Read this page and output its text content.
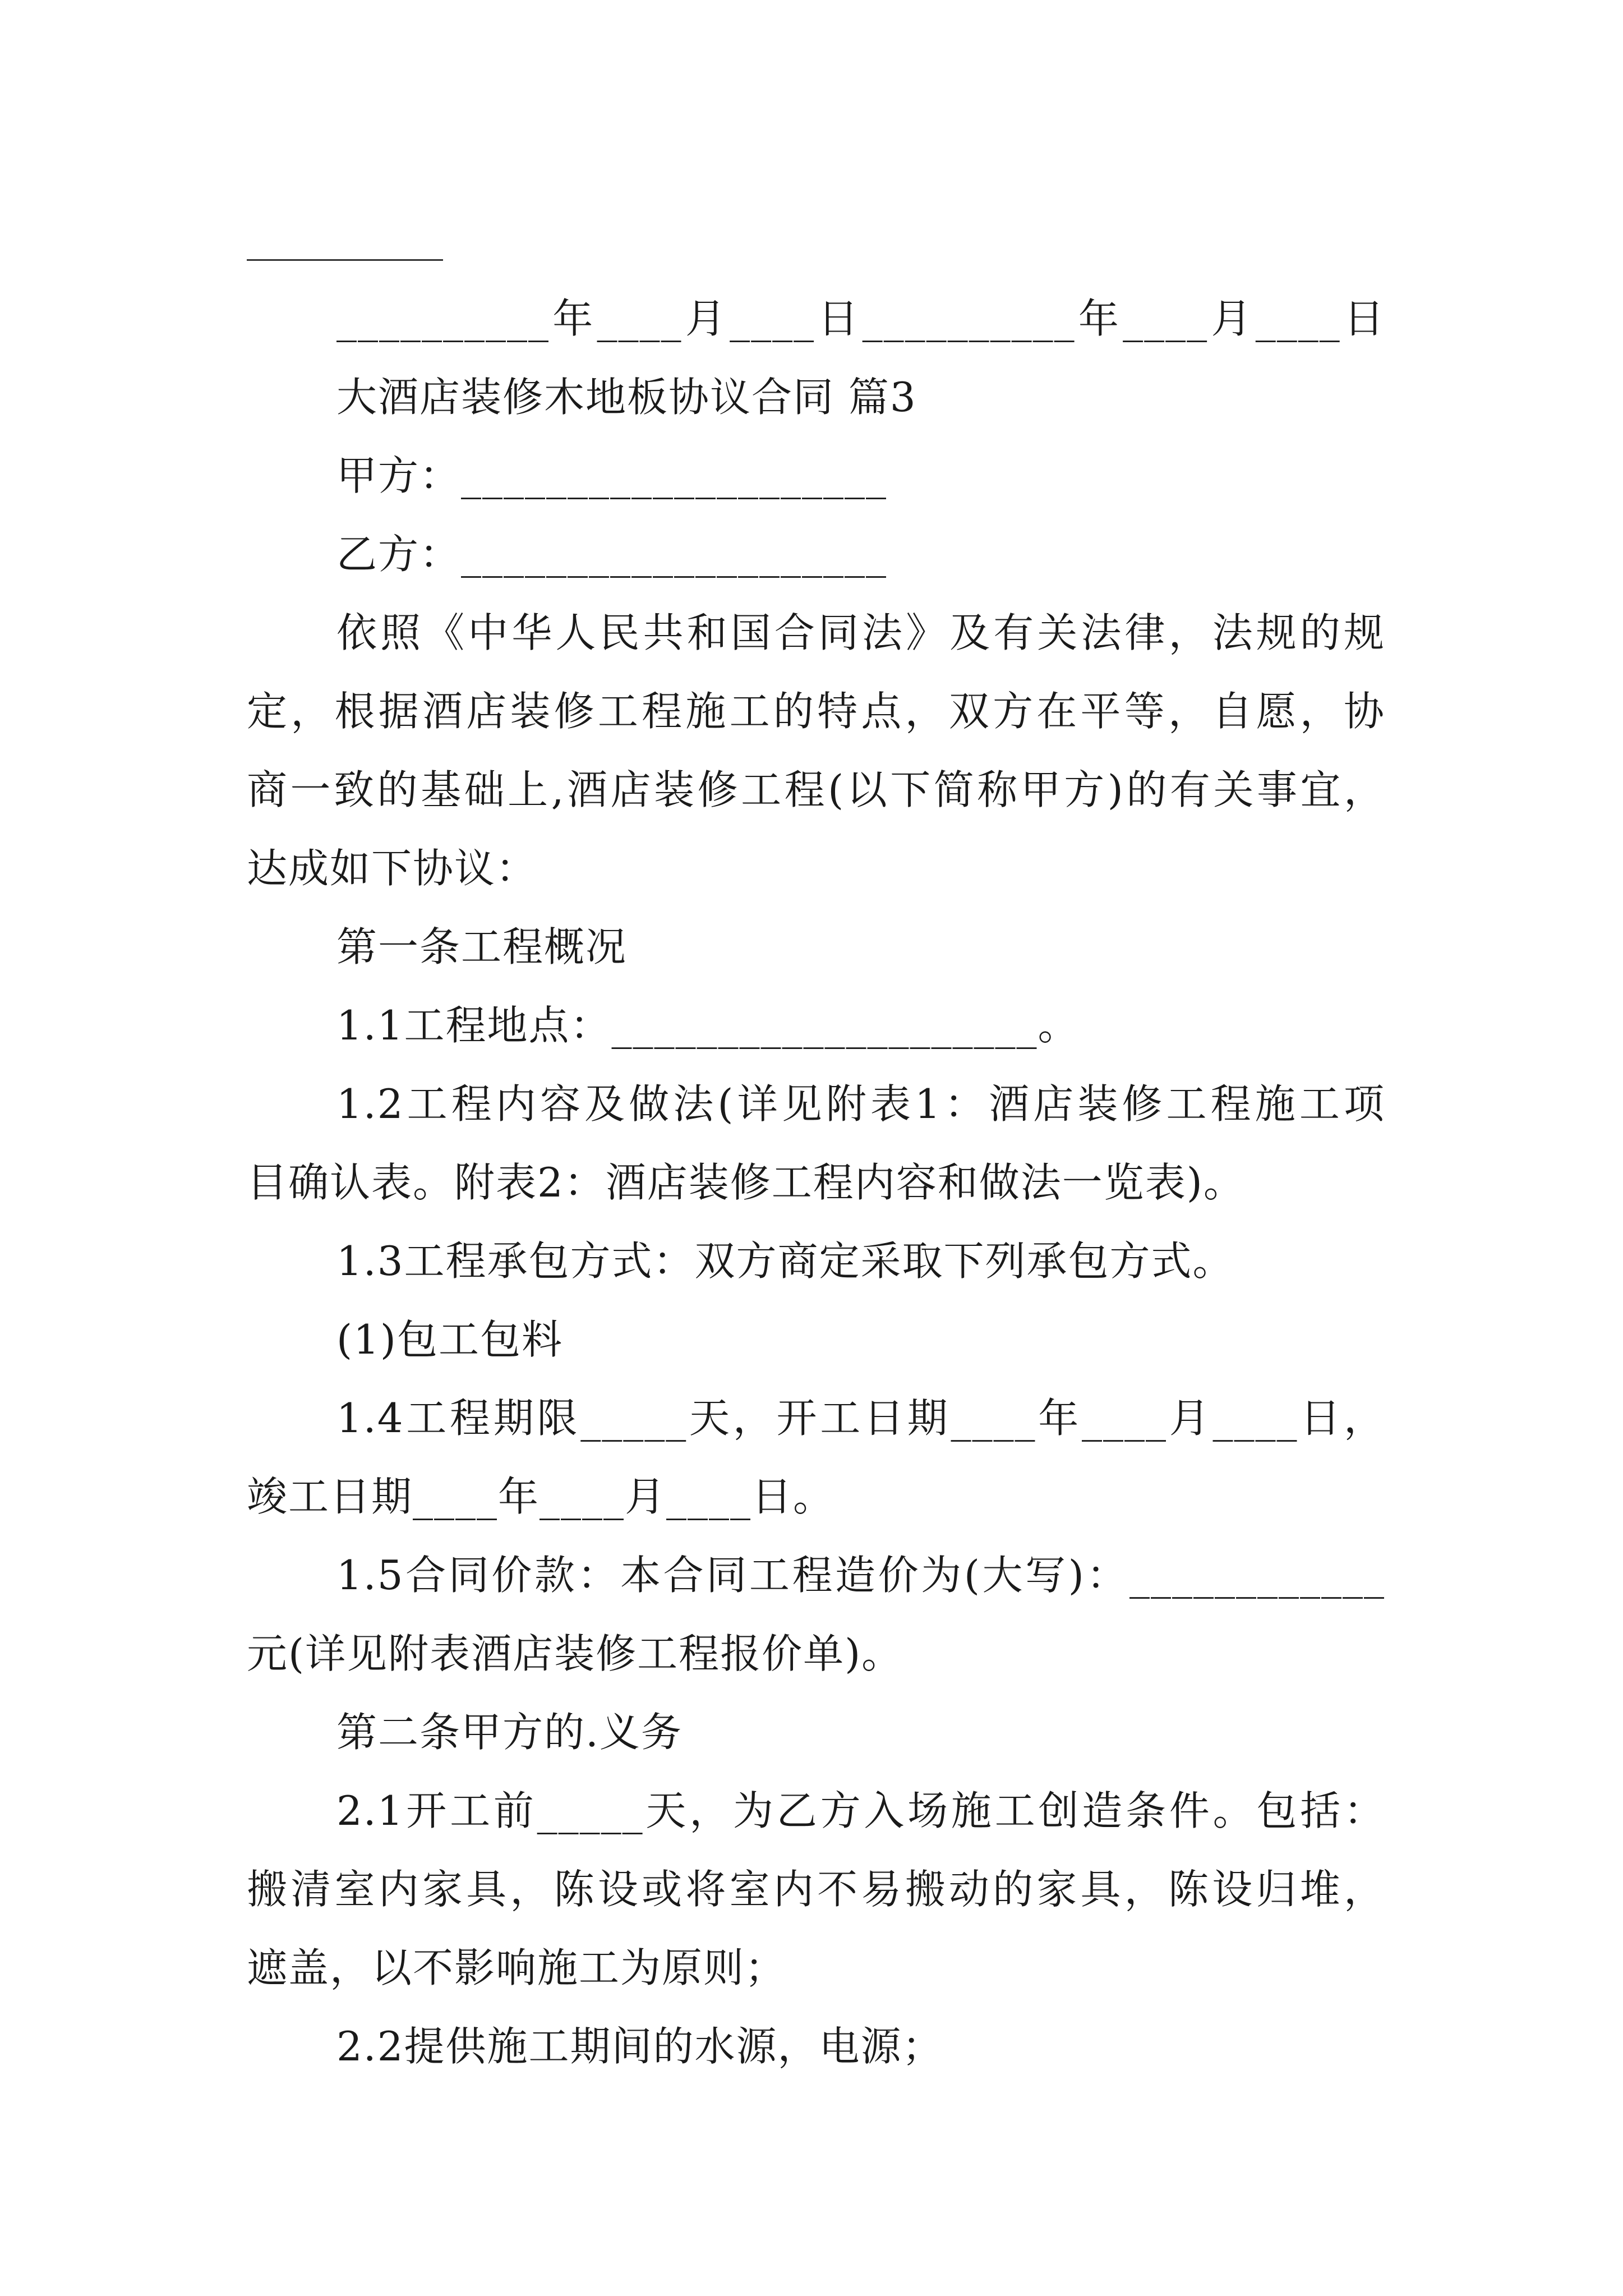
__________年____月____日__________年____月____日
大酒店装修木地板协议合同 篇3
甲方：____________________
乙方：____________________
依照《中华人民共和国合同法》及有关法律，法规的规
定，根据酒店装修工程施工的特点，双方在平等，自愿，协
商一致的基础上,酒店装修工程(以下简称甲方)的有关事宜，
达成如下协议：
第一条工程概况
1.1工程地点：____________________。
1.2工程内容及做法(详见附表1：酒店装修工程施工项
目确认表。附表2：酒店装修工程内容和做法一览表)。
1.3工程承包方式：双方商定采取下列承包方式。
(1)包工包料
1.4工程期限_____天，开工日期____年____月____日，
竣工日期____年____月____日。
1.5合同价款：本合同工程造价为(大写)：____________
元(详见附表酒店装修工程报价单)。
第二条甲方的.义务
2.1开工前_____天，为乙方入场施工创造条件。包括：
搬清室内家具，陈设或将室内不易搬动的家具，陈设归堆，
遮盖，以不影响施工为原则；
2.2提供施工期间的水源，电源；
